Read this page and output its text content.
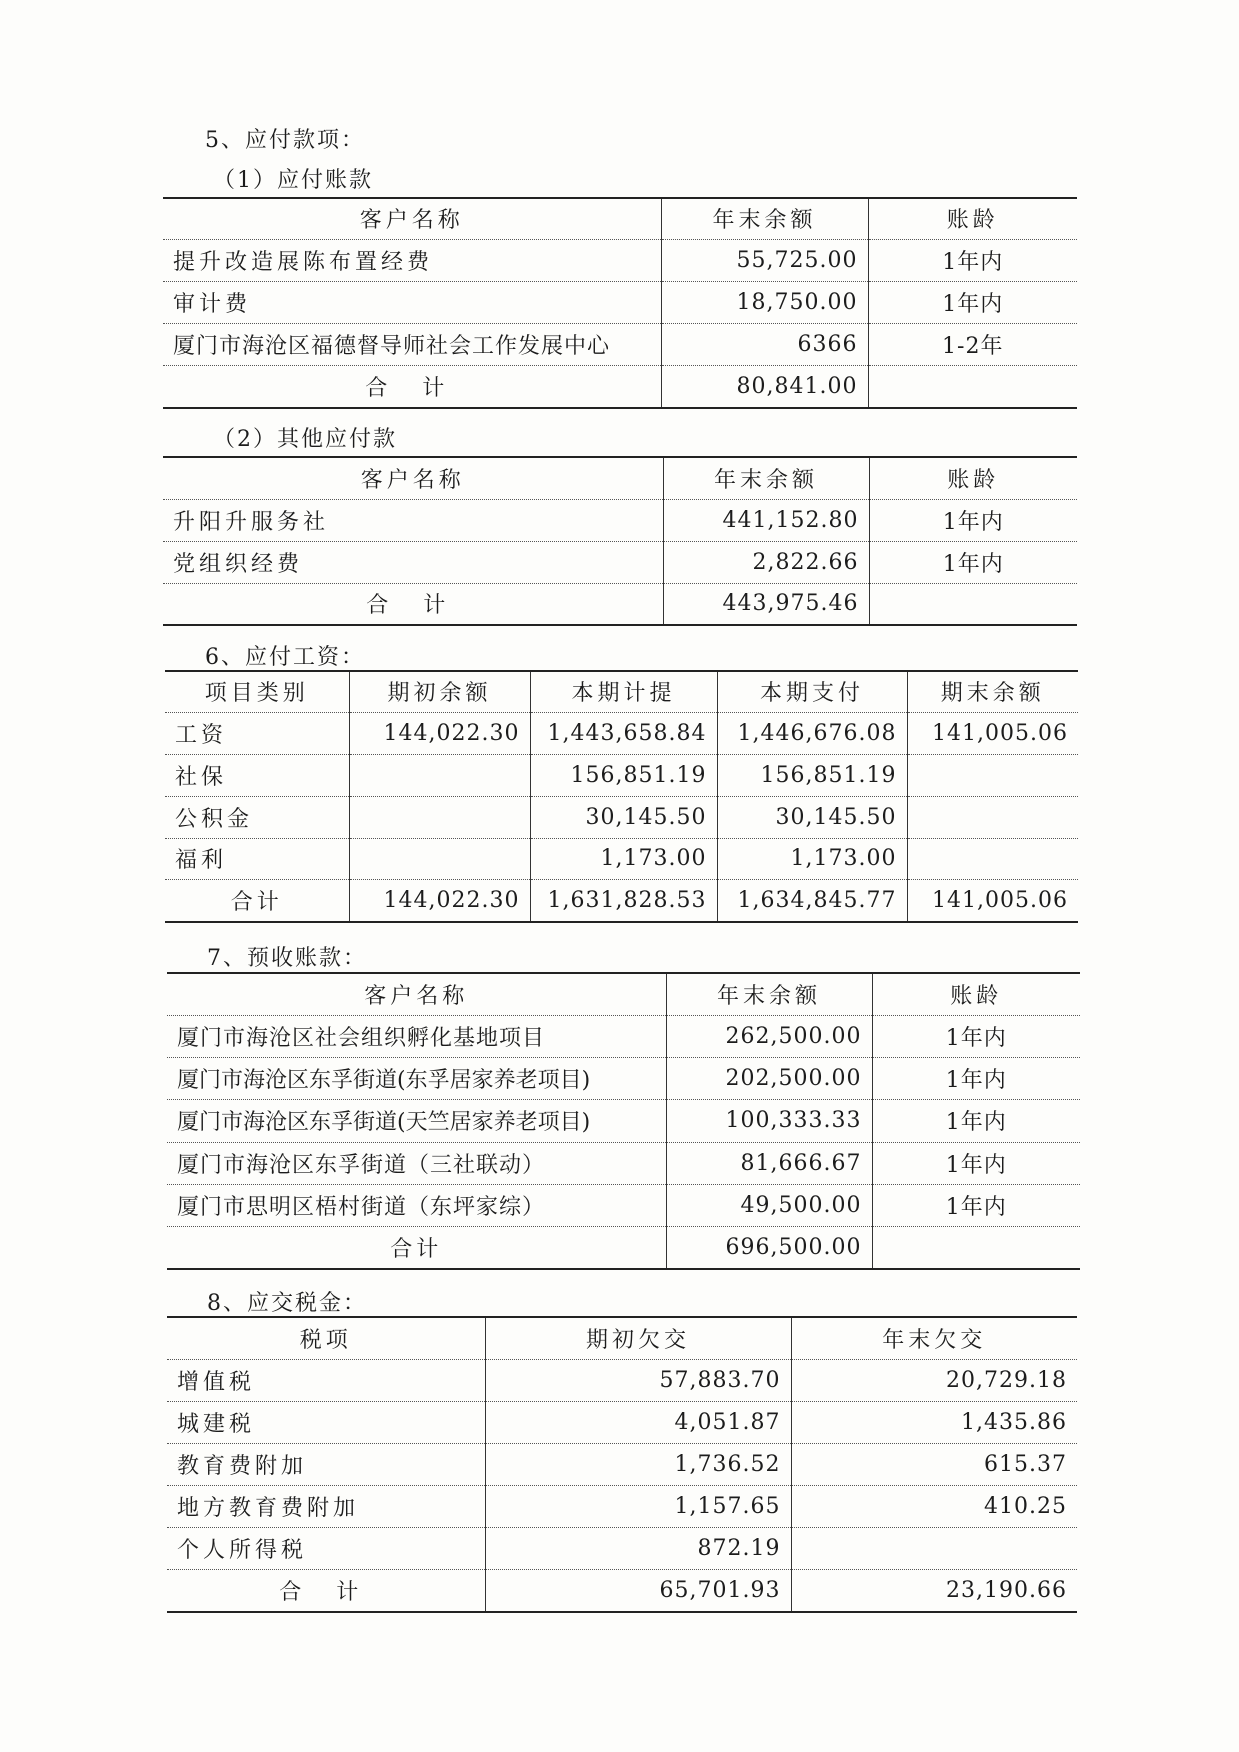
5、应付款项：
（1）应付账款
客户名称	年末余额	账龄
提升改造展陈布置经费	55,725.00	1年内
审计费	18,750.00	1年内
厦门市海沧区福德督导师社会工作发展中心	6366	1-2年
合 计	80,841.00	
（2）其他应付款
客户名称	年末余额	账龄
升阳升服务社	441,152.80	1年内
党组织经费	2,822.66	1年内
合 计	443,975.46	
6、应付工资：
项目类别	期初余额	本期计提	本期支付	期末余额
工资	144,022.30	1,443,658.84	1,446,676.08	141,005.06
社保		156,851.19	156,851.19	
公积金		30,145.50	30,145.50	
福利		1,173.00	1,173.00	
合计	144,022.30	1,631,828.53	1,634,845.77	141,005.06
7、预收账款：
客户名称	年末余额	账龄
厦门市海沧区社会组织孵化基地项目	262,500.00	1年内
厦门市海沧区东孚街道(东孚居家养老项目)	202,500.00	1年内
厦门市海沧区东孚街道(天竺居家养老项目)	100,333.33	1年内
厦门市海沧区东孚街道（三社联动）	81,666.67	1年内
厦门市思明区梧村街道（东坪家综）	49,500.00	1年内
合计	696,500.00	
8、应交税金：
税项	期初欠交	年末欠交
增值税	57,883.70	20,729.18
城建税	4,051.87	1,435.86
教育费附加	1,736.52	615.37
地方教育费附加	1,157.65	410.25
个人所得税	872.19	
合 计	65,701.93	23,190.66
